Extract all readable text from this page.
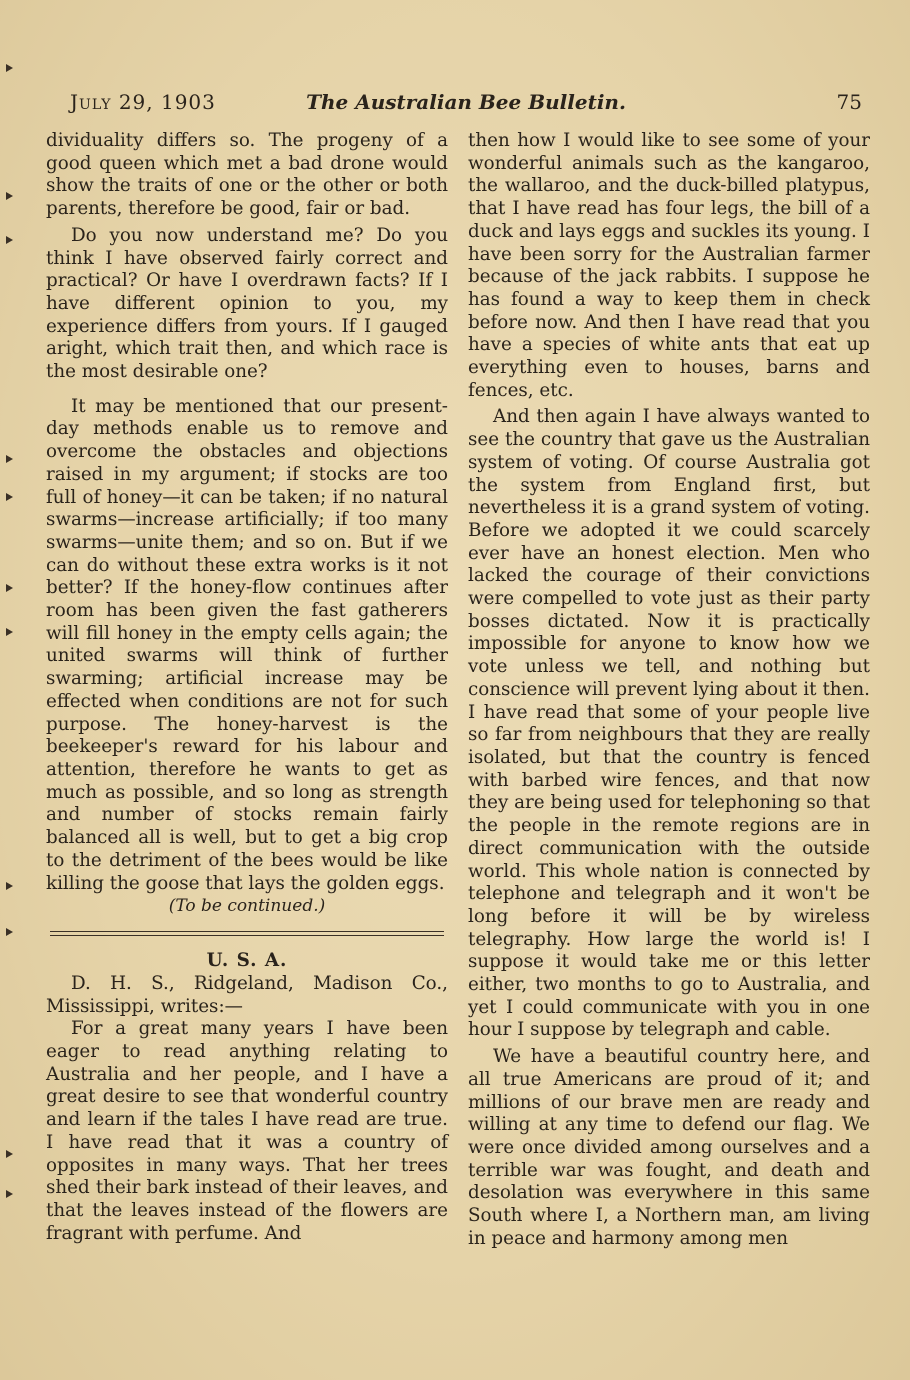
July 29, 1903	The Australian Bee Bulletin.	75

dividuality differs so. The progeny of a good queen which met a bad drone would show the traits of one or the other or both parents, therefore be good, fair or bad.

Do you now understand me? Do you think I have observed fairly correct and practical? Or have I overdrawn facts? If I have different opinion to you, my experience differs from yours. If I gauged aright, which trait then, and which race is the most desirable one?

It may be mentioned that our present-day methods enable us to remove and overcome the obstacles and objections raised in my argument; if stocks are too full of honey—it can be taken; if no natural swarms—increase artificially; if too many swarms—unite them; and so on. But if we can do without these extra works is it not better? If the honey-flow continues after room has been given the fast gatherers will fill honey in the empty cells again; the united swarms will think of further swarming; artificial increase may be effected when conditions are not for such purpose. The honey-harvest is the beekeeper's reward for his labour and attention, therefore he wants to get as much as possible, and so long as strength and number of stocks remain fairly balanced all is well, but to get a big crop to the detriment of the bees would be like killing the goose that lays the golden eggs.

(To be continued.)

U. S. A.

D. H. S., Ridgeland, Madison Co., Mississippi, writes:—

For a great many years I have been eager to read anything relating to Australia and her people, and I have a great desire to see that wonderful country and learn if the tales I have read are true. I have read that it was a country of opposites in many ways. That her trees shed their bark instead of their leaves, and that the leaves instead of the flowers are fragrant with perfume. And

then how I would like to see some of your wonderful animals such as the kangaroo, the wallaroo, and the duck-billed platypus, that I have read has four legs, the bill of a duck and lays eggs and suckles its young. I have been sorry for the Australian farmer because of the jack rabbits. I suppose he has found a way to keep them in check before now. And then I have read that you have a species of white ants that eat up everything even to houses, barns and fences, etc.

And then again I have always wanted to see the country that gave us the Australian system of voting. Of course Australia got the system from England first, but nevertheless it is a grand system of voting. Before we adopted it we could scarcely ever have an honest election. Men who lacked the courage of their convictions were compelled to vote just as their party bosses dictated. Now it is practically impossible for anyone to know how we vote unless we tell, and nothing but conscience will prevent lying about it then. I have read that some of your people live so far from neighbours that they are really isolated, but that the country is fenced with barbed wire fences, and that now they are being used for telephoning so that the people in the remote regions are in direct communication with the outside world. This whole nation is connected by telephone and telegraph and it won't be long before it will be by wireless telegraphy. How large the world is! I suppose it would take me or this letter either, two months to go to Australia, and yet I could communicate with you in one hour I suppose by telegraph and cable.

We have a beautiful country here, and all true Americans are proud of it; and millions of our brave men are ready and willing at any time to defend our flag. We were once divided among ourselves and a terrible war was fought, and death and desolation was everywhere in this same South where I, a Northern man, am living in peace and harmony among men
